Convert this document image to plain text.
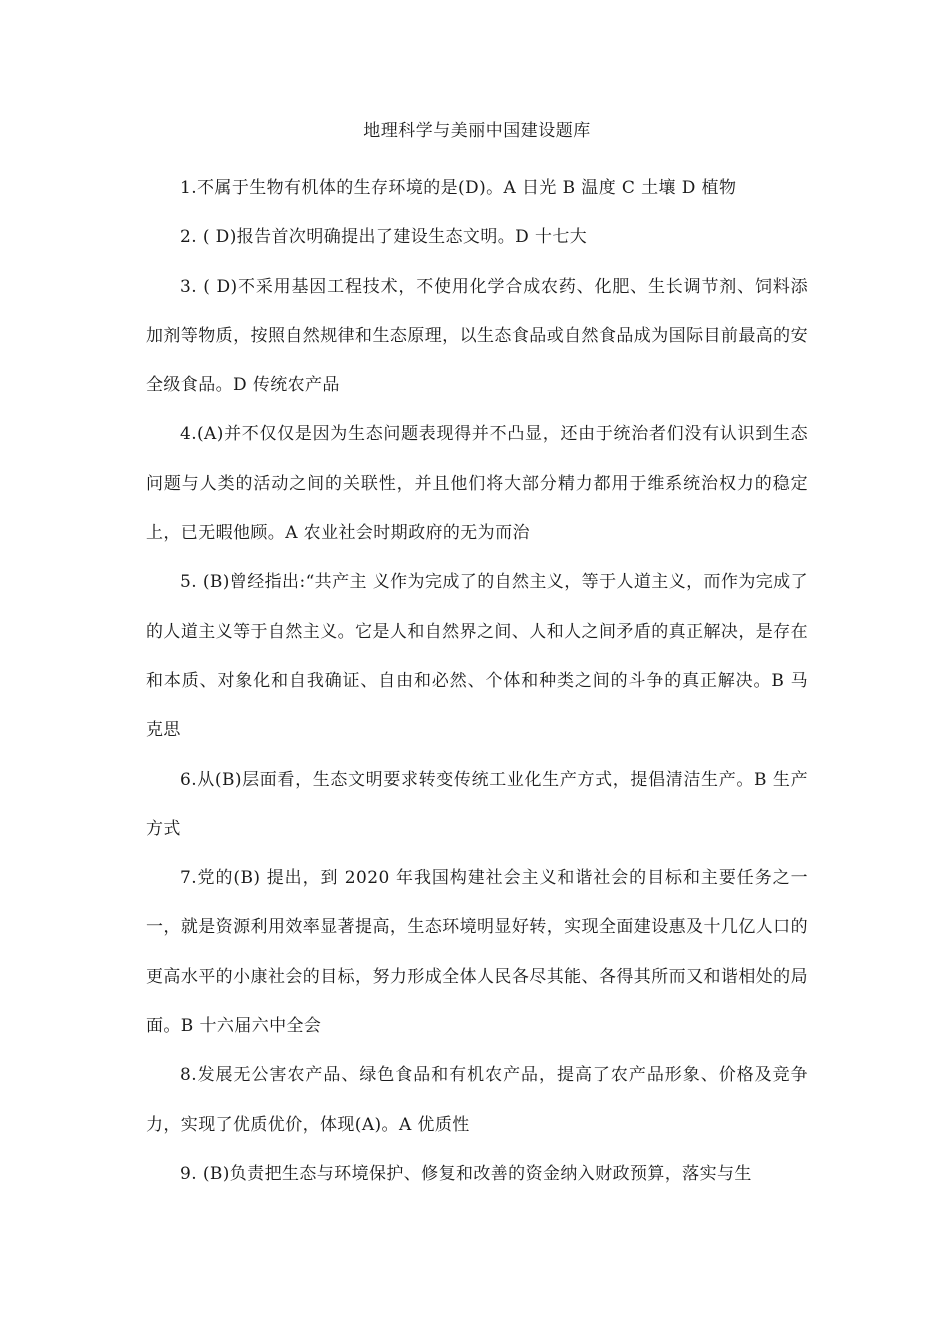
地理科学与美丽中国建设题库

1.不属于生物有机体的生存环境的是(D)。A 日光 B 温度 C 土壤 D 植物

2. ( D)报告首次明确提出了建设生态文明。D 十七大

3. ( D)不采用基因工程技术，不使用化学合成农药、化肥、生长调节剂、饲料添加剂等物质，按照自然规律和生态原理，以生态食品或自然食品成为国际目前最高的安全级食品。D 传统农产品

4.(A)并不仅仅是因为生态问题表现得并不凸显，还由于统治者们没有认识到生态问题与人类的活动之间的关联性，并且他们将大部分精力都用于维系统治权力的稳定上，已无暇他顾。A 农业社会时期政府的无为而治

5. (B)曾经指出:“共产主 义作为完成了的自然主义，等于人道主义，而作为完成了的人道主义等于自然主义。它是人和自然界之间、人和人之间矛盾的真正解决，是存在和本质、对象化和自我确证、自由和必然、个体和种类之间的斗争的真正解决。B 马克思

6.从(B)层面看，生态文明要求转变传统工业化生产方式，提倡清洁生产。B 生产方式

7.党的(B) 提出，到 2020 年我国构建社会主义和谐社会的目标和主要任务之一一，就是资源利用效率显著提高，生态环境明显好转，实现全面建设惠及十几亿人口的更高水平的小康社会的目标，努力形成全体人民各尽其能、各得其所而又和谐相处的局面。B 十六届六中全会

8.发展无公害农产品、绿色食品和有机农产品，提高了农产品形象、价格及竞争力，实现了优质优价，体现(A)。A 优质性

9. (B)负责把生态与环境保护、修复和改善的资金纳入财政预算，落实与生
